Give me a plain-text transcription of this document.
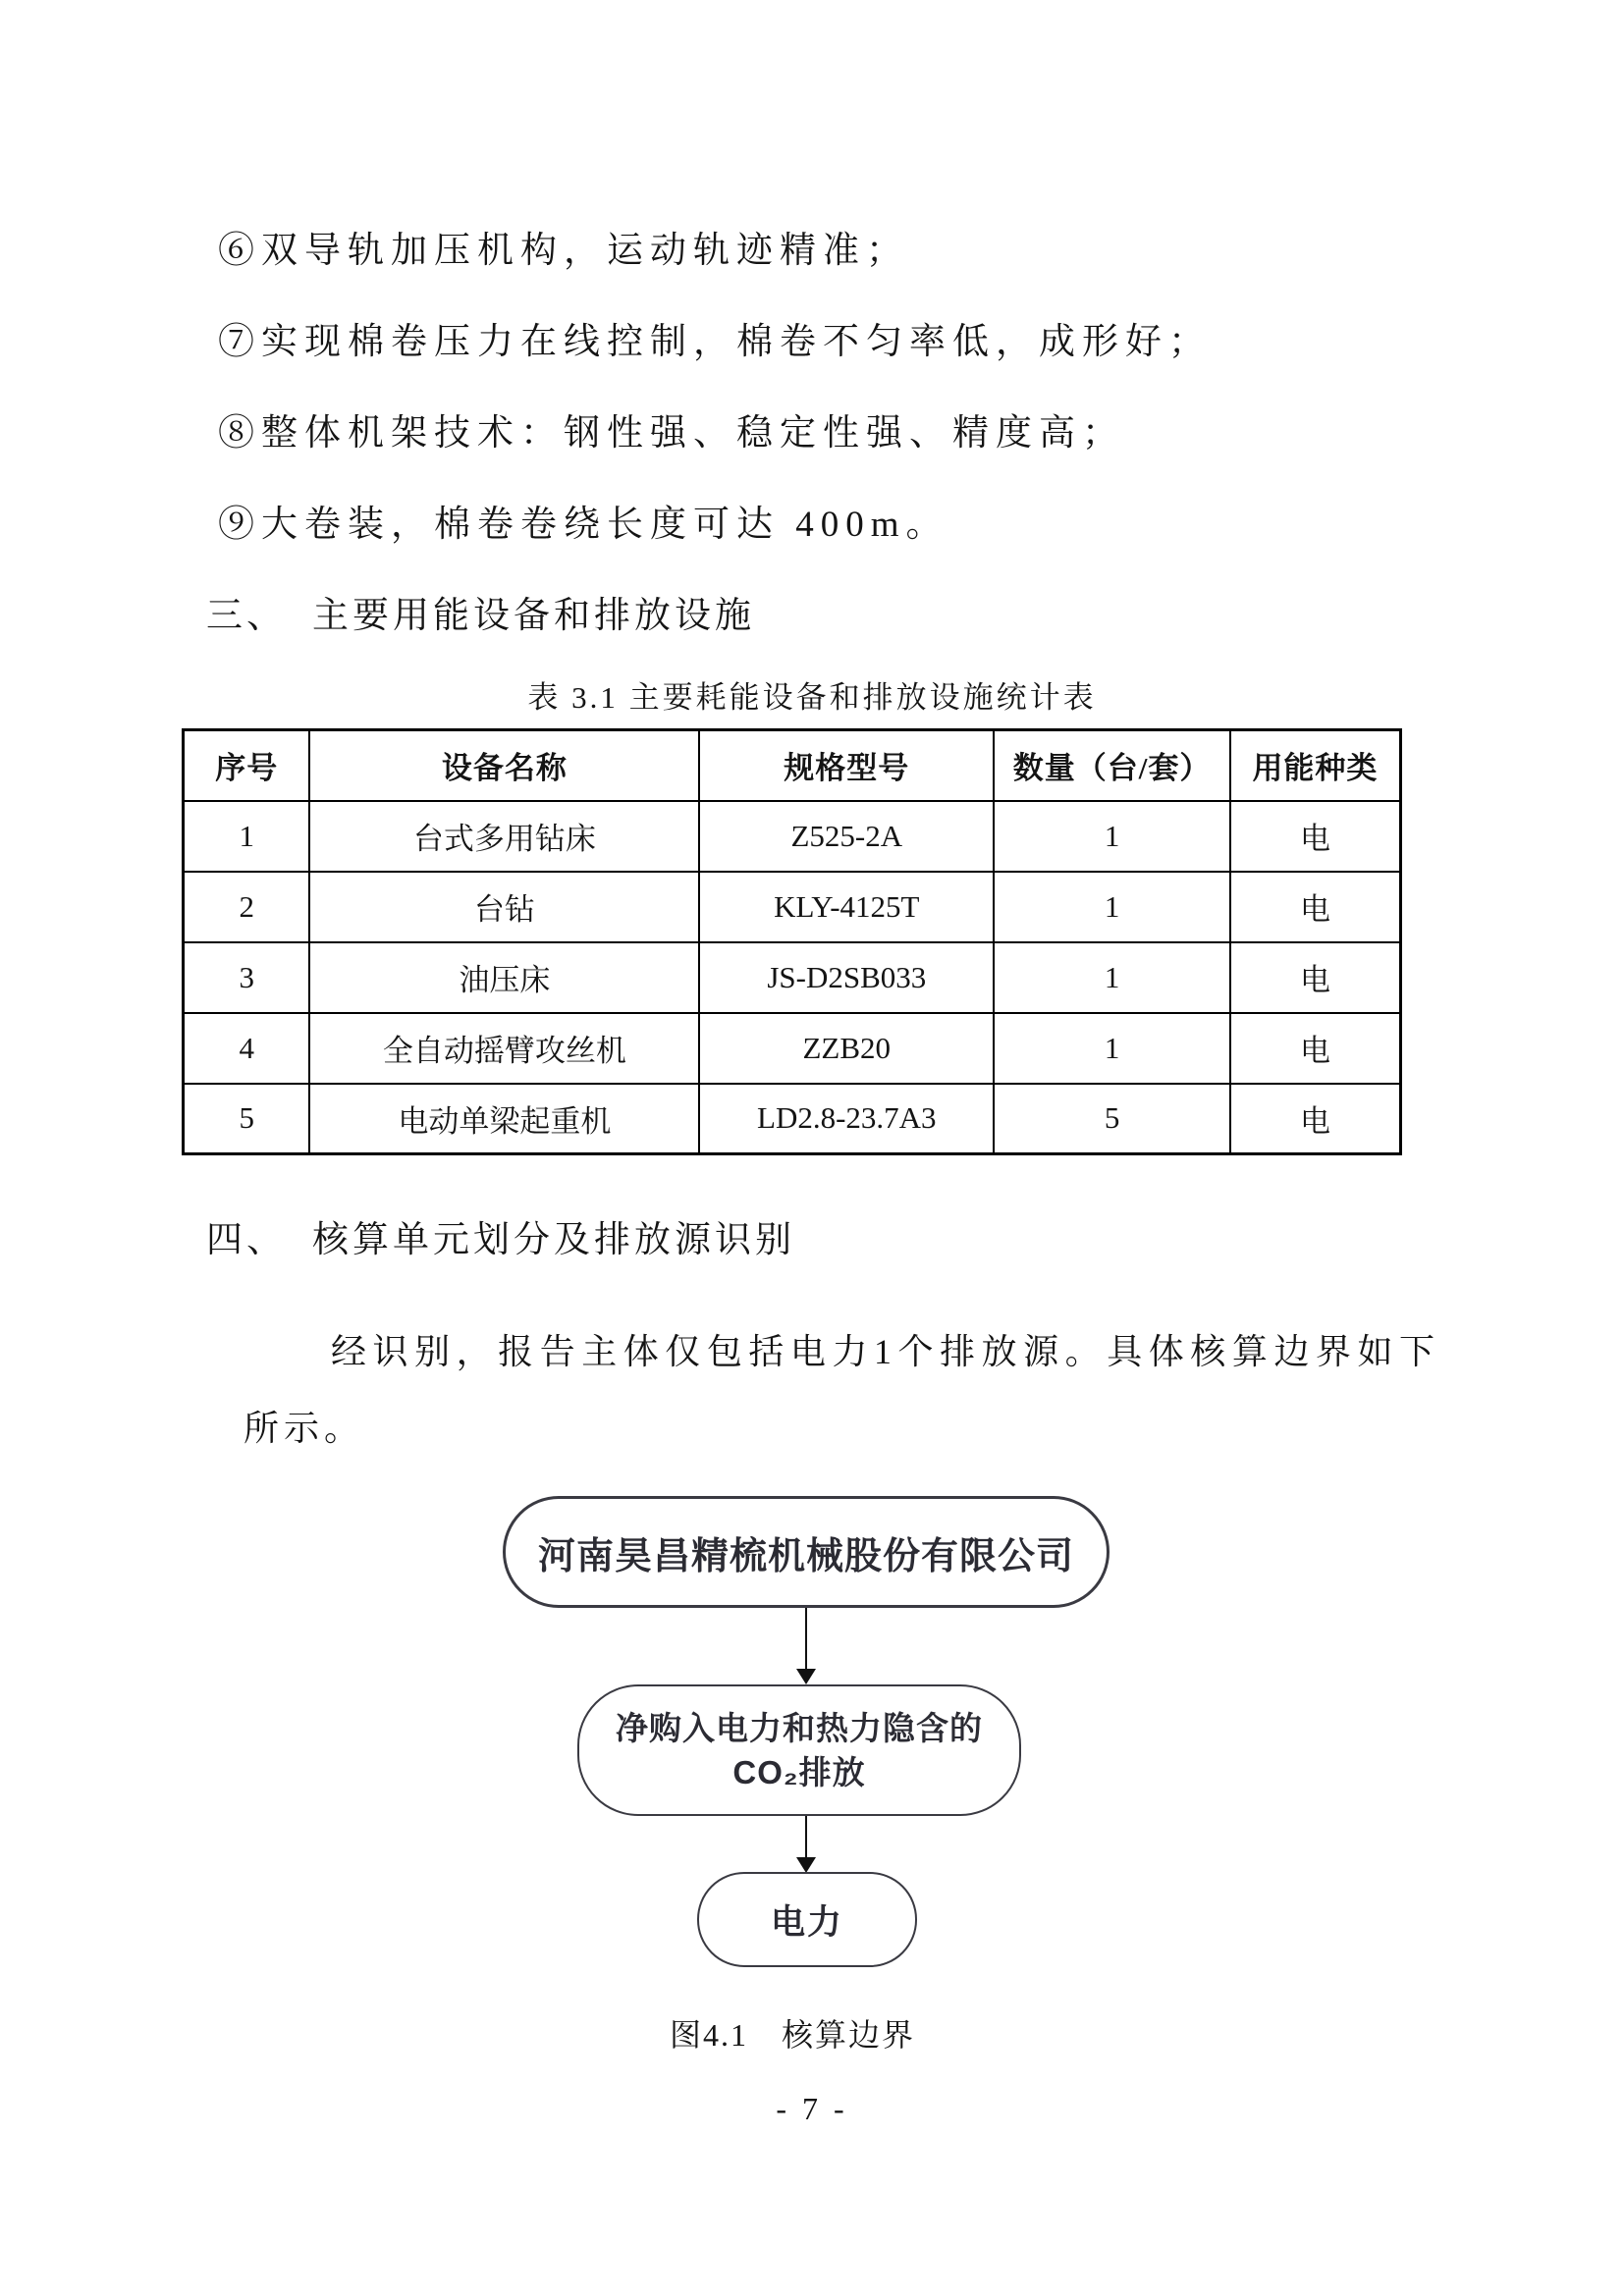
⑥双导轨加压机构，运动轨迹精准；
⑦实现棉卷压力在线控制，棉卷不匀率低，成形好；
⑧整体机架技术：钢性强、稳定性强、精度高；
⑨大卷装，棉卷卷绕长度可达 400m。
三、 主要用能设备和排放设施
表 3.1 主要耗能设备和排放设施统计表
序号	设备名称	规格型号	数量（台/套）	用能种类
1	台式多用钻床	Z525-2A	1	电
2	台钻	KLY-4125T	1	电
3	油压床	JS-D2SB033	1	电
4	全自动摇臂攻丝机	ZZB20	1	电
5	电动单梁起重机	LD2.8-23.7A3	5	电
四、 核算单元划分及排放源识别
经识别，报告主体仅包括电力1个排放源。具体核算边界如下所示。
河南昊昌精梳机械股份有限公司
净购入电力和热力隐含的
CO₂排放
电力
图4.1　核算边界
- 7 -
